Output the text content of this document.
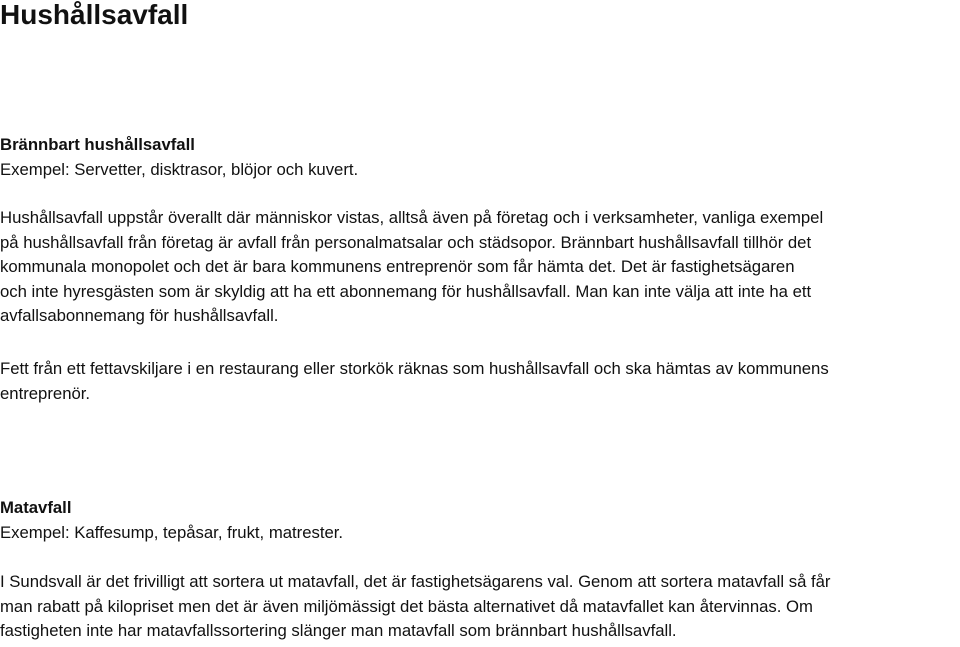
Hushållsavfall
Brännbart hushållsavfall
Exempel: Servetter, disktrasor, blöjor och kuvert.
Hushållsavfall uppstår överallt där människor vistas, alltså även på företag och i verksamheter, vanliga exempel
på hushållsavfall från företag är avfall från personalmatsalar och städsopor. Brännbart hushållsavfall tillhör det
kommunala monopolet och det är bara kommunens entreprenör som får hämta det. Det är fastighetsägaren
och inte hyresgästen som är skyldig att ha ett abonnemang för hushållsavfall. Man kan inte välja att inte ha ett
avfallsabonnemang för hushållsavfall.
Fett från ett fettavskiljare i en restaurang eller storkök räknas som hushållsavfall och ska hämtas av kommunens
entreprenör.
Matavfall
Exempel: Kaffesump, tepåsar, frukt, matrester.
I Sundsvall är det frivilligt att sortera ut matavfall, det är fastighetsägarens val. Genom att sortera matavfall så får
man rabatt på kilopriset men det är även miljömässigt det bästa alternativet då matavfallet kan återvinnas. Om
fastigheten inte har matavfallssortering slänger man matavfall som brännbart hushållsavfall.
